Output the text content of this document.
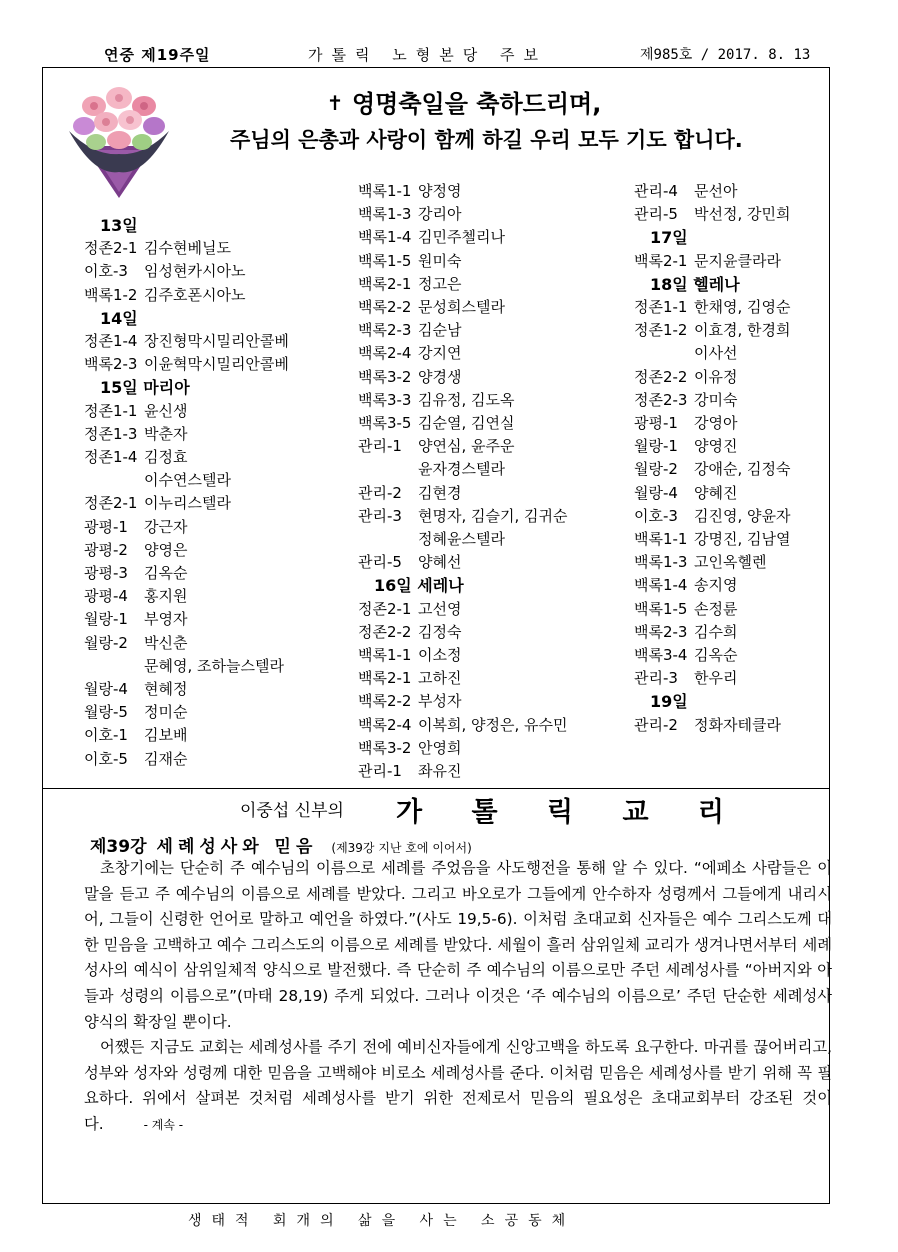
연중 제19주일	가톨릭 노형본당 주보	제985호 / 2017. 8. 13
✝ 영명축일을 축하드리며,
주님의 은총과 사랑이 함께 하길 우리 모두 기도 합니다.
13일
정존2-1 김수현베닐도
이호-3	임성현카시아노
백록1-2 김주호폰시아노
14일
정존1-4 장진형막시밀리안콜베
백록2-3 이윤혁막시밀리안콜베
15일 마리아
정존1-1 윤신생
정존1-3 박춘자
정존1-4 김정효
이수연스텔라
정존2-1 이누리스텔라
광평-1	강근자
광평-2	양영은
광평-3	김옥순
광평-4	홍지원
월랑-1	부영자
월랑-2	박신춘
문혜영, 조하늘스텔라
월랑-4	현혜정
월랑-5	정미순
이호-1	김보배
이호-5	김재순
백록1-1 양정영
백록1-3 강리아
백록1-4 김민주첼리나
백록1-5 원미숙
백록2-1 정고은
백록2-2 문성희스텔라
백록2-3 김순남
백록2-4 강지연
백록3-2 양경생
백록3-3 김유정, 김도옥
백록3-5 김순열, 김연실
관리-1	양연심, 윤주운
윤자경스텔라
관리-2	김현경
관리-3	현명자, 김슬기, 김귀순
정혜윤스텔라
관리-5	양혜선
16일 세레나
정존2-1 고선영
정존2-2 김정숙
백록1-1 이소정
백록2-1 고하진
백록2-2 부성자
백록2-4 이복희, 양정은, 유수민
백록3-2 안영희
관리-1	좌유진
관리-4	문선아
관리-5	박선정, 강민희
17일
백록2-1 문지윤클라라
18일 헬레나
정존1-1 한채영, 김영순
정존1-2 이효경, 한경희
이사선
정존2-2 이유정
정존2-3 강미숙
광평-1	강영아
월랑-1	양영진
월랑-2	강애순, 김정숙
월랑-4	양혜진
이호-3	김진영, 양윤자
백록1-1 강명진, 김남열
백록1-3 고인옥헬렌
백록1-4 송지영
백록1-5 손정륜
백록2-3 김수희
백록3-4 김옥순
관리-3	한우리
19일
관리-2	정화자테클라
이중섭 신부의 가 톨 릭 교 리
제39강 세례성사와 믿음 (제39강 지난 호에 이어서)

초창기에는 단순히 주 예수님의 이름으로 세례를 주었음을 사도행전을 통해 알 수 있다. “에페소 사람들은 이 말을 듣고 주 예수님의 이름으로 세례를 받았다. 그리고 바오로가 그들에게 안수하자 성령께서 그들에게 내리시어, 그들이 신령한 언어로 말하고 예언을 하였다.”(사도 19,5-6). 이처럼 초대교회 신자들은 예수 그리스도께 대한 믿음을 고백하고 예수 그리스도의 이름으로 세례를 받았다. 세월이 흘러 삼위일체 교리가 생겨나면서부터 세례성사의 예식이 삼위일체적 양식으로 발전했다. 즉 단순히 주 예수님의 이름으로만 주던 세례성사를 “아버지와 아들과 성령의 이름으로”(마태 28,19) 주게 되었다. 그러나 이것은 ‘주 예수님의 이름으로’ 주던 단순한 세례성사 양식의 확장일 뿐이다.

어쨌든 지금도 교회는 세례성사를 주기 전에 예비신자들에게 신앙고백을 하도록 요구한다. 마귀를 끊어버리고, 성부와 성자와 성령께 대한 믿음을 고백해야 비로소 세례성사를 준다. 이처럼 믿음은 세례성사를 받기 위해 꼭 필요하다. 위에서 살펴본 것처럼 세례성사를 받기 위한 전제로서 믿음의 필요성은 초대교회부터 강조된 것이다.	- 계속 -

생태적 회개의 삶을 사는 소공동체
